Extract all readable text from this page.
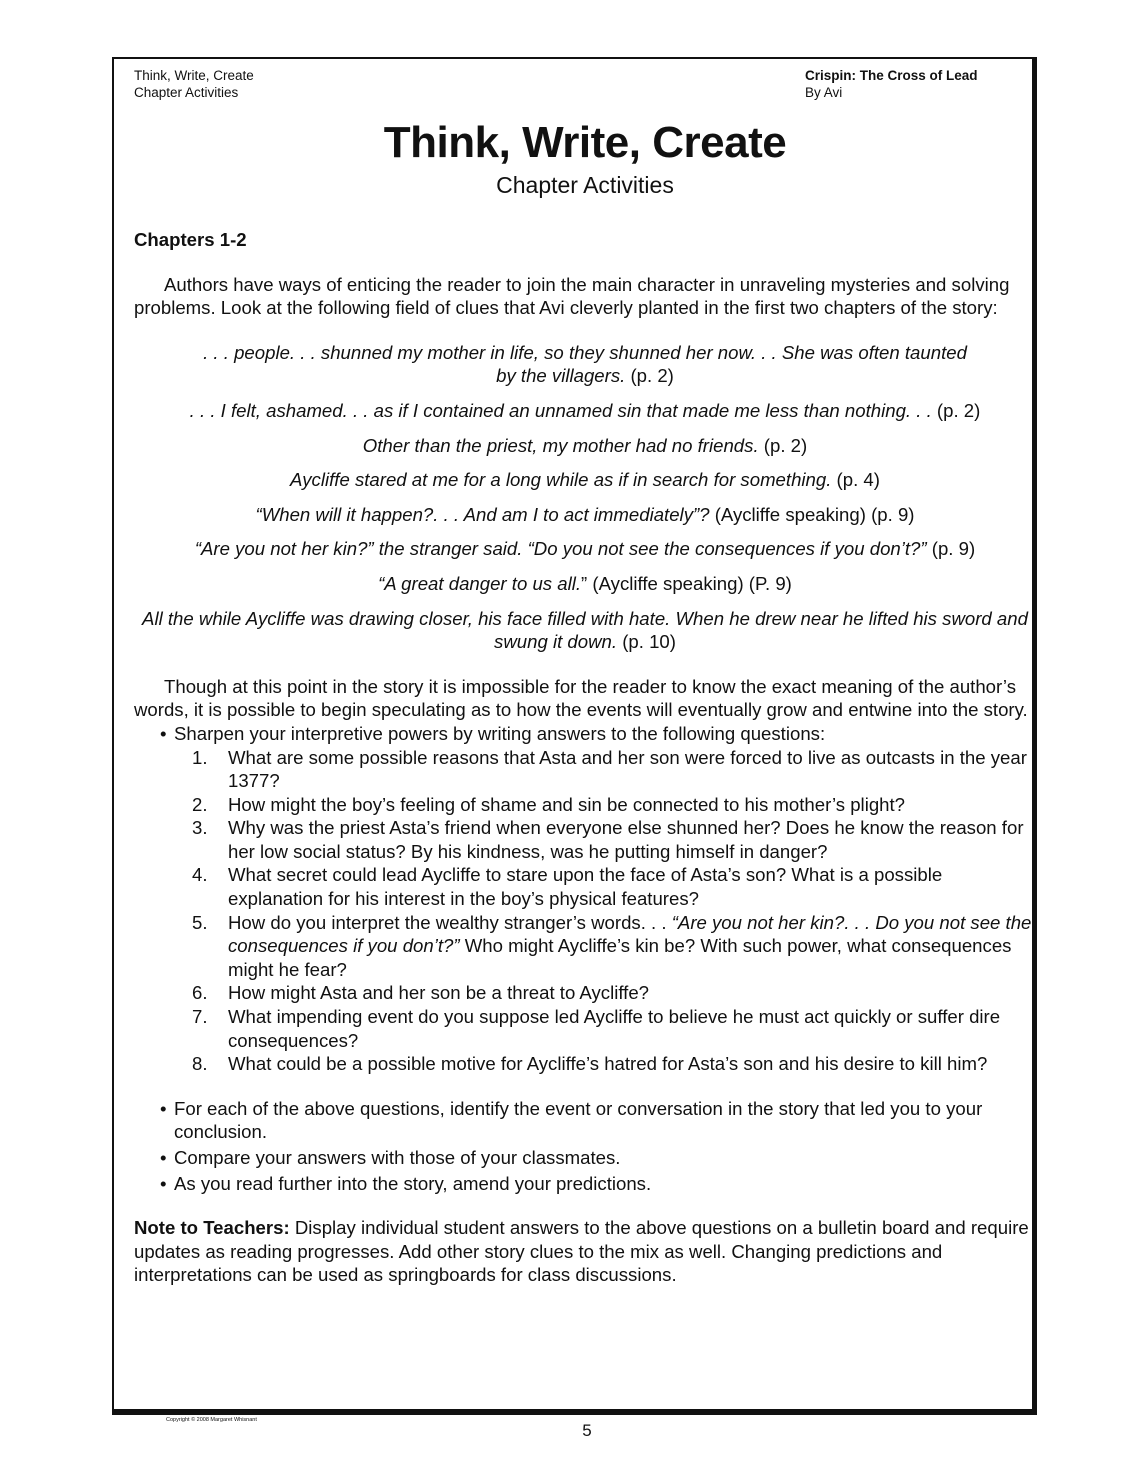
Think, Write, Create
Chapter Activities
Crispin: The Cross of Lead
By Avi
Think, Write, Create
Chapter Activities
Chapters 1-2

Authors have ways of enticing the reader to join the main character in unraveling mysteries and solving problems. Look at the following field of clues that Avi cleverly planted in the first two chapters of the story:

. . . people. . . shunned my mother in life, so they shunned her now. . . She was often taunted by the villagers. (p. 2)

. . . I felt, ashamed. . . as if I contained an unnamed sin that made me less than nothing. . . (p. 2)

Other than the priest, my mother had no friends. (p. 2)

Aycliffe stared at me for a long while as if in search for something. (p. 4)

“When will it happen?. . . And am I to act immediately”? (Aycliffe speaking) (p. 9)

“Are you not her kin?” the stranger said. “Do you not see the consequences if you don’t?” (p. 9)

“A great danger to us all.” (Aycliffe speaking) (P. 9)

All the while Aycliffe was drawing closer, his face filled with hate. When he drew near he lifted his sword and swung it down. (p. 10)

Though at this point in the story it is impossible for the reader to know the exact meaning of the author’s words, it is possible to begin speculating as to how the events will eventually grow and entwine into the story.

• Sharpen your interpretive powers by writing answers to the following questions:
1.	What are some possible reasons that Asta and her son were forced to live as outcasts in the year 1377?
2.	How might the boy’s feeling of shame and sin be connected to his mother’s plight?
3.	Why was the priest Asta’s friend when everyone else shunned her? Does he know the reason for her low social status? By his kindness, was he putting himself in danger?
4.	What secret could lead Aycliffe to stare upon the face of Asta’s son? What is a possible explanation for his interest in the boy’s physical features?
5.	How do you interpret the wealthy stranger’s words. . . “Are you not her kin?. . . Do you not see the consequences if you don’t?” Who might Aycliffe’s kin be? With such power, what consequences might he fear?
6.	How might Asta and her son be a threat to Aycliffe?
7.	What impending event do you suppose led Aycliffe to believe he must act quickly or suffer dire consequences?
8.	What could be a possible motive for Aycliffe’s hatred for Asta’s son and his desire to kill him?
• For each of the above questions, identify the event or conversation in the story that led you to your conclusion.
• Compare your answers with those of your classmates.
• As you read further into the story, amend your predictions.

Note to Teachers: Display individual student answers to the above questions on a bulletin board and require updates as reading progresses. Add other story clues to the mix as well. Changing predictions and interpretations can be used as springboards for class discussions.

Copyright © 2008 Margaret Whisnant
5
